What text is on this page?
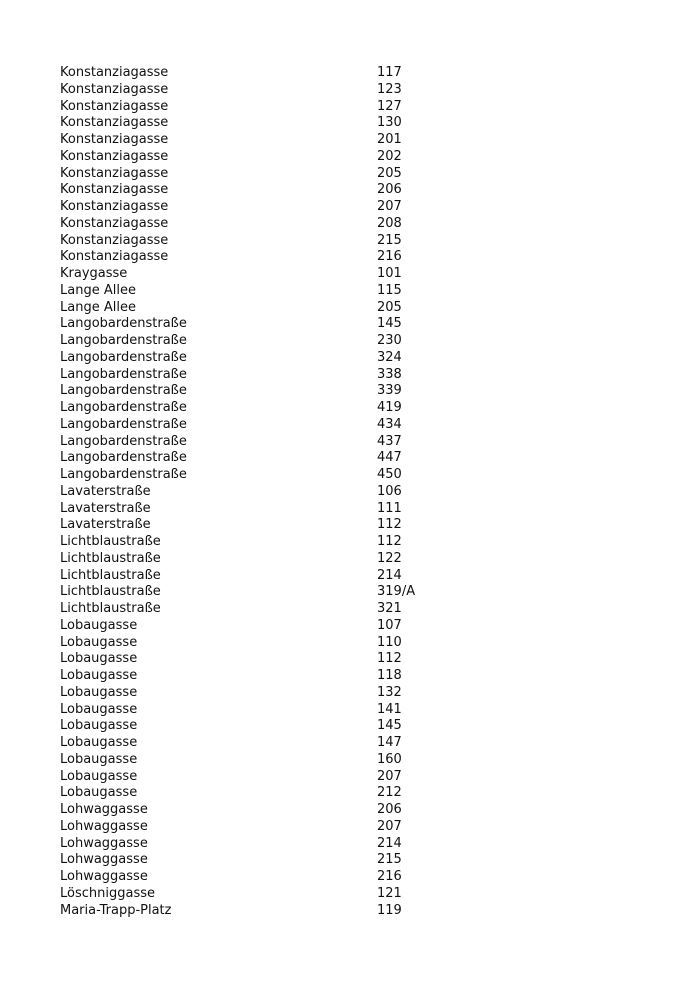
Konstanziagasse	117
Konstanziagasse	123
Konstanziagasse	127
Konstanziagasse	130
Konstanziagasse	201
Konstanziagasse	202
Konstanziagasse	205
Konstanziagasse	206
Konstanziagasse	207
Konstanziagasse	208
Konstanziagasse	215
Konstanziagasse	216
Kraygasse	101
Lange Allee	115
Lange Allee	205
Langobardenstraße	145
Langobardenstraße	230
Langobardenstraße	324
Langobardenstraße	338
Langobardenstraße	339
Langobardenstraße	419
Langobardenstraße	434
Langobardenstraße	437
Langobardenstraße	447
Langobardenstraße	450
Lavaterstraße	106
Lavaterstraße	111
Lavaterstraße	112
Lichtblaustraße	112
Lichtblaustraße	122
Lichtblaustraße	214
Lichtblaustraße	319/A
Lichtblaustraße	321
Lobaugasse	107
Lobaugasse	110
Lobaugasse	112
Lobaugasse	118
Lobaugasse	132
Lobaugasse	141
Lobaugasse	145
Lobaugasse	147
Lobaugasse	160
Lobaugasse	207
Lobaugasse	212
Lohwaggasse	206
Lohwaggasse	207
Lohwaggasse	214
Lohwaggasse	215
Lohwaggasse	216
Löschniggasse	121
Maria-Trapp-Platz	119
